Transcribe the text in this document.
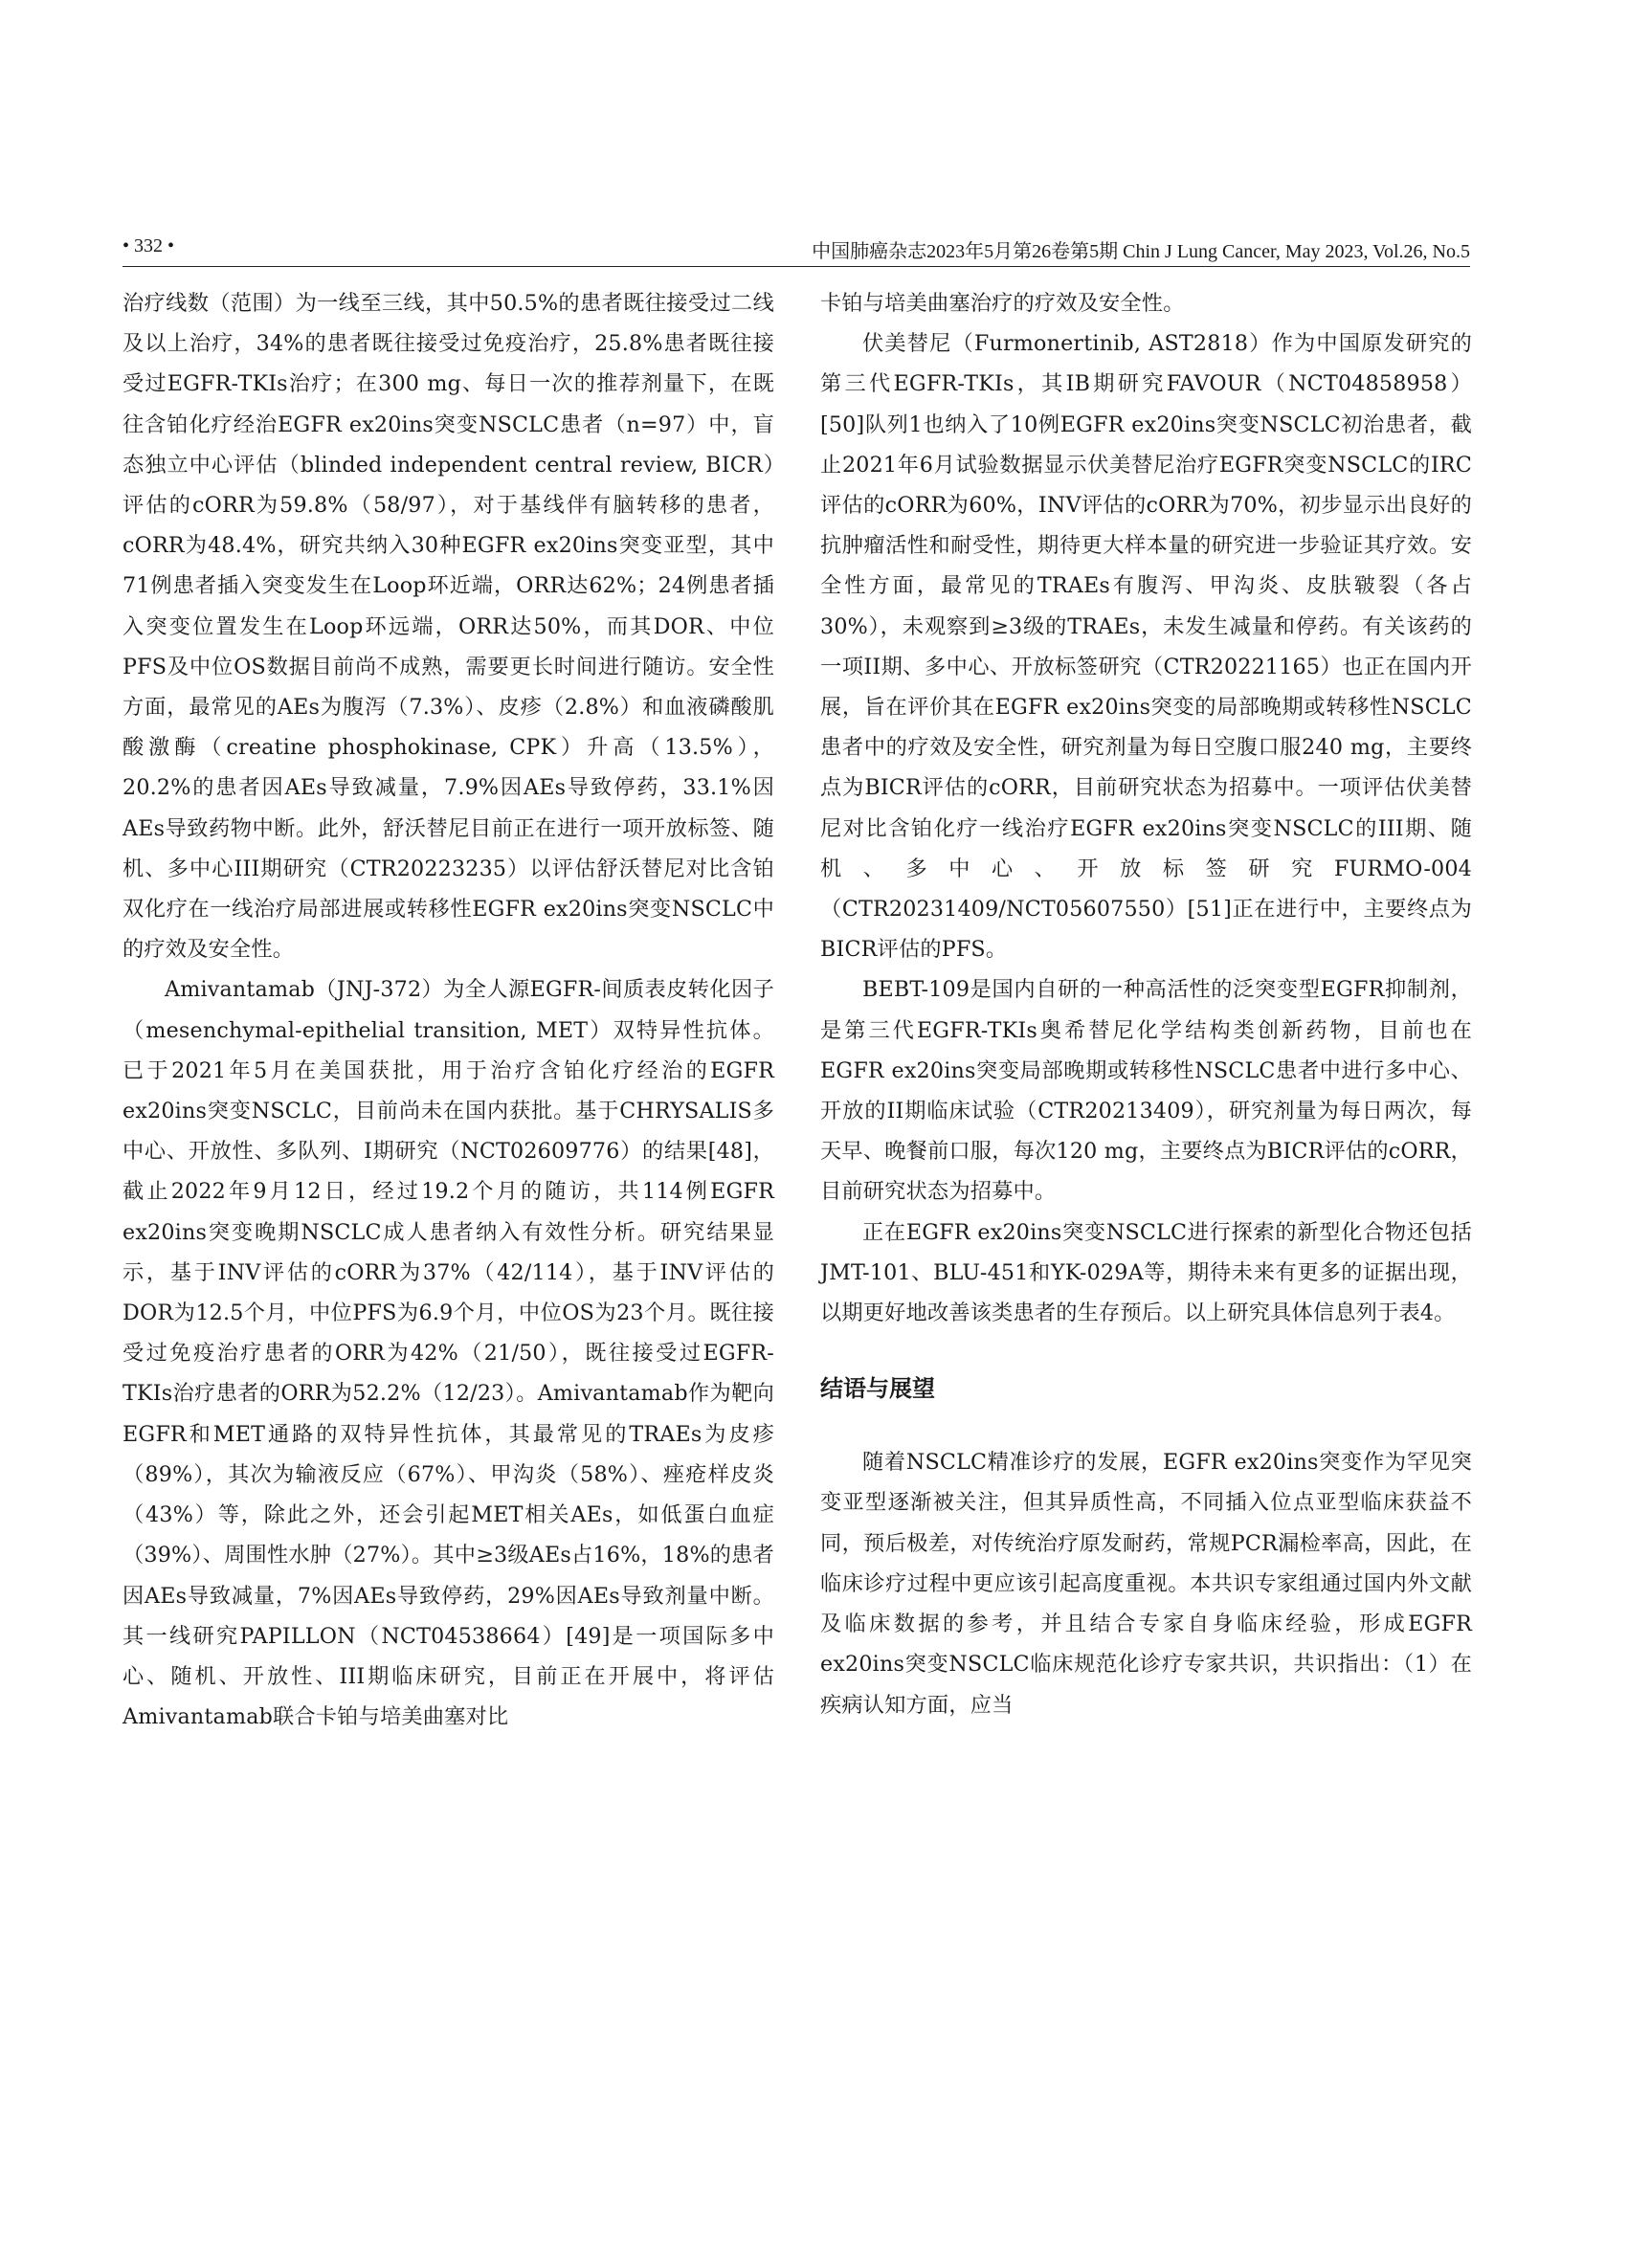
• 332 •	中国肺癌杂志2023年5月第26卷第5期 Chin J Lung Cancer, May 2023, Vol.26, No.5

治疗线数（范围）为一线至三线，其中50.5%的患者既往接受过二线及以上治疗，34%的患者既往接受过免疫治疗，25.8%患者既往接受过EGFR-TKIs治疗；在300 mg、每日一次的推荐剂量下，在既往含铂化疗经治EGFR ex20ins突变NSCLC患者（n=97）中，盲态独立中心评估（blinded independent central review, BICR）评估的cORR为59.8%（58/97），对于基线伴有脑转移的患者，cORR为48.4%，研究共纳入30种EGFR ex20ins突变亚型，其中71例患者插入突变发生在Loop环近端，ORR达62%；24例患者插入突变位置发生在Loop环远端，ORR达50%，而其DOR、中位PFS及中位OS数据目前尚不成熟，需要更长时间进行随访。安全性方面，最常见的AEs为腹泻（7.3%）、皮疹（2.8%）和血液磷酸肌酸激酶（creatine phosphokinase, CPK）升高（13.5%），20.2%的患者因AEs导致减量，7.9%因AEs导致停药，33.1%因AEs导致药物中断。此外，舒沃替尼目前正在进行一项开放标签、随机、多中心III期研究（CTR20223235）以评估舒沃替尼对比含铂双化疗在一线治疗局部进展或转移性EGFR ex20ins突变NSCLC中的疗效及安全性。

Amivantamab（JNJ-372）为全人源EGFR-间质表皮转化因子（mesenchymal-epithelial transition, MET）双特异性抗体。已于2021年5月在美国获批，用于治疗含铂化疗经治的EGFR ex20ins突变NSCLC，目前尚未在国内获批。基于CHRYSALIS多中心、开放性、多队列、I期研究（NCT02609776）的结果[48]，截止2022年9月12日，经过19.2个月的随访，共114例EGFR ex20ins突变晚期NSCLC成人患者纳入有效性分析。研究结果显示，基于INV评估的cORR为37%（42/114），基于INV评估的DOR为12.5个月，中位PFS为6.9个月，中位OS为23个月。既往接受过免疫治疗患者的ORR为42%（21/50），既往接受过EGFR-TKIs治疗患者的ORR为52.2%（12/23）。Amivantamab作为靶向EGFR和MET通路的双特异性抗体，其最常见的TRAEs为皮疹（89%），其次为输液反应（67%）、甲沟炎（58%）、痤疮样皮炎（43%）等，除此之外，还会引起MET相关AEs，如低蛋白血症（39%）、周围性水肿（27%）。其中≥3级AEs占16%，18%的患者因AEs导致减量，7%因AEs导致停药，29%因AEs导致剂量中断。其一线研究PAPILLON（NCT04538664）[49]是一项国际多中心、随机、开放性、III期临床研究，目前正在开展中，将评估Amivantamab联合卡铂与培美曲塞对比

卡铂与培美曲塞治疗的疗效及安全性。

伏美替尼（Furmonertinib, AST2818）作为中国原发研究的第三代EGFR-TKIs，其IB期研究FAVOUR（NCT04858958）[50]队列1也纳入了10例EGFR ex20ins突变NSCLC初治患者，截止2021年6月试验数据显示伏美替尼治疗EGFR突变NSCLC的IRC评估的cORR为60%，INV评估的cORR为70%，初步显示出良好的抗肿瘤活性和耐受性，期待更大样本量的研究进一步验证其疗效。安全性方面，最常见的TRAEs有腹泻、甲沟炎、皮肤皲裂（各占30%），未观察到≥3级的TRAEs，未发生减量和停药。有关该药的一项II期、多中心、开放标签研究（CTR20221165）也正在国内开展，旨在评价其在EGFR ex20ins突变的局部晚期或转移性NSCLC患者中的疗效及安全性，研究剂量为每日空腹口服240 mg，主要终点为BICR评估的cORR，目前研究状态为招募中。一项评估伏美替尼对比含铂化疗一线治疗EGFR ex20ins突变NSCLC的III期、随机、多中心、开放标签研究FURMO-004（CTR20231409/NCT05607550）[51]正在进行中，主要终点为BICR评估的PFS。

BEBT-109是国内自研的一种高活性的泛突变型EGFR抑制剂，是第三代EGFR-TKIs奥希替尼化学结构类创新药物，目前也在EGFR ex20ins突变局部晚期或转移性NSCLC患者中进行多中心、开放的II期临床试验（CTR20213409），研究剂量为每日两次，每天早、晚餐前口服，每次120 mg，主要终点为BICR评估的cORR，目前研究状态为招募中。

正在EGFR ex20ins突变NSCLC进行探索的新型化合物还包括JMT-101、BLU-451和YK-029A等，期待未来有更多的证据出现，以期更好地改善该类患者的生存预后。以上研究具体信息列于表4。

结语与展望

随着NSCLC精准诊疗的发展，EGFR ex20ins突变作为罕见突变亚型逐渐被关注，但其异质性高，不同插入位点亚型临床获益不同，预后极差，对传统治疗原发耐药，常规PCR漏检率高，因此，在临床诊疗过程中更应该引起高度重视。本共识专家组通过国内外文献及临床数据的参考，并且结合专家自身临床经验，形成EGFR ex20ins突变NSCLC临床规范化诊疗专家共识，共识指出：（1）在疾病认知方面，应当
